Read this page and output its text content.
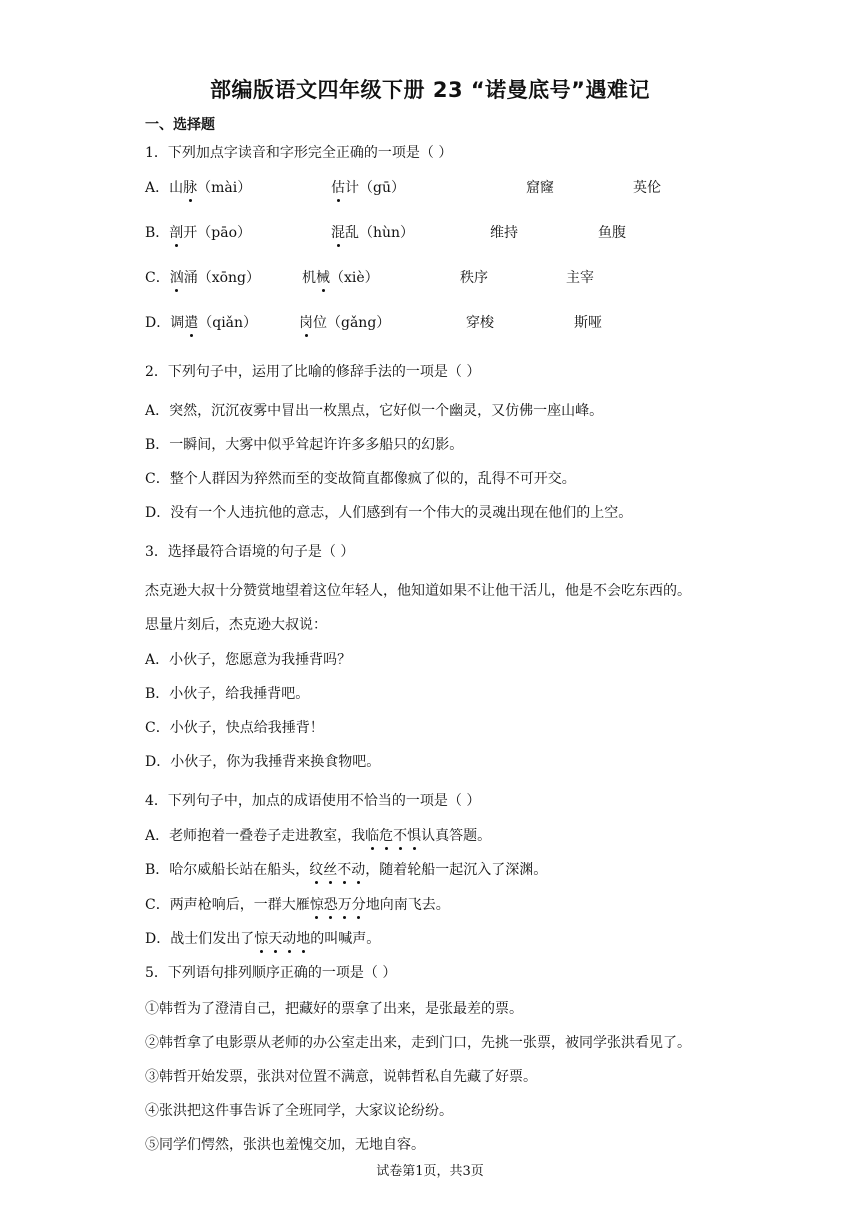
部编版语文四年级下册 23 “诺曼底号”遇难记
一、选择题
1．下列加点字读音和字形完全正确的一项是（ ）
A．山脉（mài）	估计（gū）	窟窿	英伦
B．剖开（pāo）	混乱（hùn）	维持	鱼腹
C．汹涌（xōng）	机械（xiè）	秩序	主宰
D．调遣（qiǎn）	岗位（gǎng）	穿梭	斯哑
2．下列句子中，运用了比喻的修辞手法的一项是（ ）
A．突然，沉沉夜雾中冒出一枚黑点，它好似一个幽灵，又仿佛一座山峰。
B．一瞬间，大雾中似乎耸起许许多多船只的幻影。
C．整个人群因为猝然而至的变故简直都像疯了似的，乱得不可开交。
D．没有一个人违抗他的意志，人们感到有一个伟大的灵魂出现在他们的上空。
3．选择最符合语境的句子是（ ）
杰克逊大叔十分赞赏地望着这位年轻人，他知道如果不让他干活儿，他是不会吃东西的。
思量片刻后，杰克逊大叔说：
A．小伙子，您愿意为我捶背吗？
B．小伙子，给我捶背吧。
C．小伙子，快点给我捶背！
D．小伙子，你为我捶背来换食物吧。
4．下列句子中，加点的成语使用不恰当的一项是（ ）
A．老师抱着一叠卷子走进教室，我临危不惧认真答题。
B．哈尔威船长站在船头，纹丝不动，随着轮船一起沉入了深渊。
C．两声枪响后，一群大雁惊恐万分地向南飞去。
D．战士们发出了惊天动地的叫喊声。
5．下列语句排列顺序正确的一项是（ ）
①韩哲为了澄清自己，把藏好的票拿了出来，是张最差的票。
②韩哲拿了电影票从老师的办公室走出来，走到门口，先挑一张票，被同学张洪看见了。
③韩哲开始发票，张洪对位置不满意，说韩哲私自先藏了好票。
④张洪把这件事告诉了全班同学，大家议论纷纷。
⑤同学们愕然，张洪也羞愧交加，无地自容。
试卷第1页，共3页
